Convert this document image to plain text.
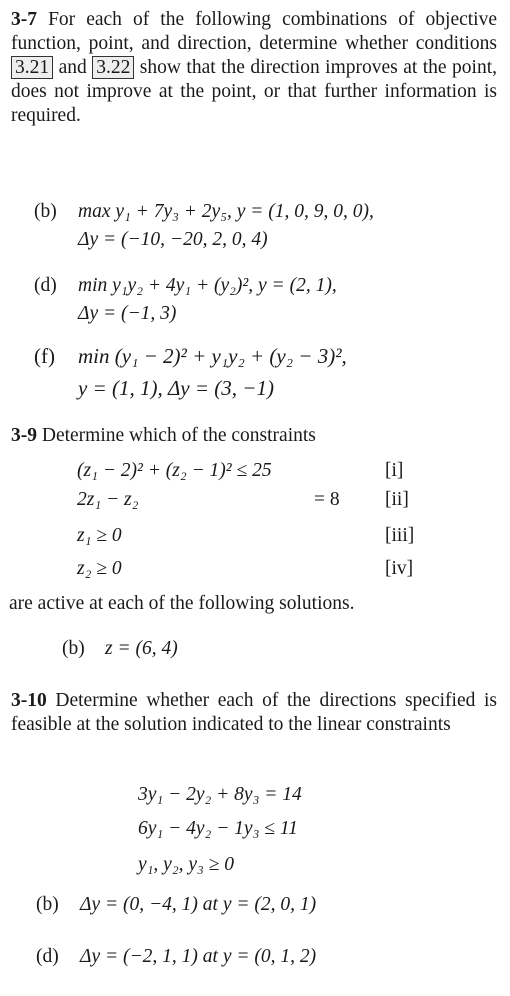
3-7 For each of the following combinations of objective function, point, and direction, determine whether conditions 3.21 and 3.22 show that the direction improves at the point, does not improve at the point, or that further information is required.
(b) max y₁ + 7y₃ + 2y₅, y = (1, 0, 9, 0, 0),
Δy = (−10, −20, 2, 0, 4)
(d) min y₁y₂ + 4y₁ + (y₂)², y = (2, 1),
Δy = (−1, 3)
(f) min (y₁ − 2)² + y₁y₂ + (y₂ − 3)²,
y = (1, 1), Δy = (3, −1)
3-9 Determine which of the constraints
(z₁ − 2)² + (z₂ − 1)² ≤ 25	[i]
2z₁ − z₂	= 8 [ii]
z₁ ≥ 0	[iii]
z₂ ≥ 0	[iv]
are active at each of the following solutions.
(b) z = (6, 4)
3-10 Determine whether each of the directions specified is feasible at the solution indicated to the linear constraints
3y₁ − 2y₂ + 8y₃ = 14
6y₁ − 4y₂ − 1y₃ ≤ 11
y₁, y₂, y₃ ≥ 0
(b) Δy = (0, −4, 1) at y = (2, 0, 1)
(d) Δy = (−2, 1, 1) at y = (0, 1, 2)
